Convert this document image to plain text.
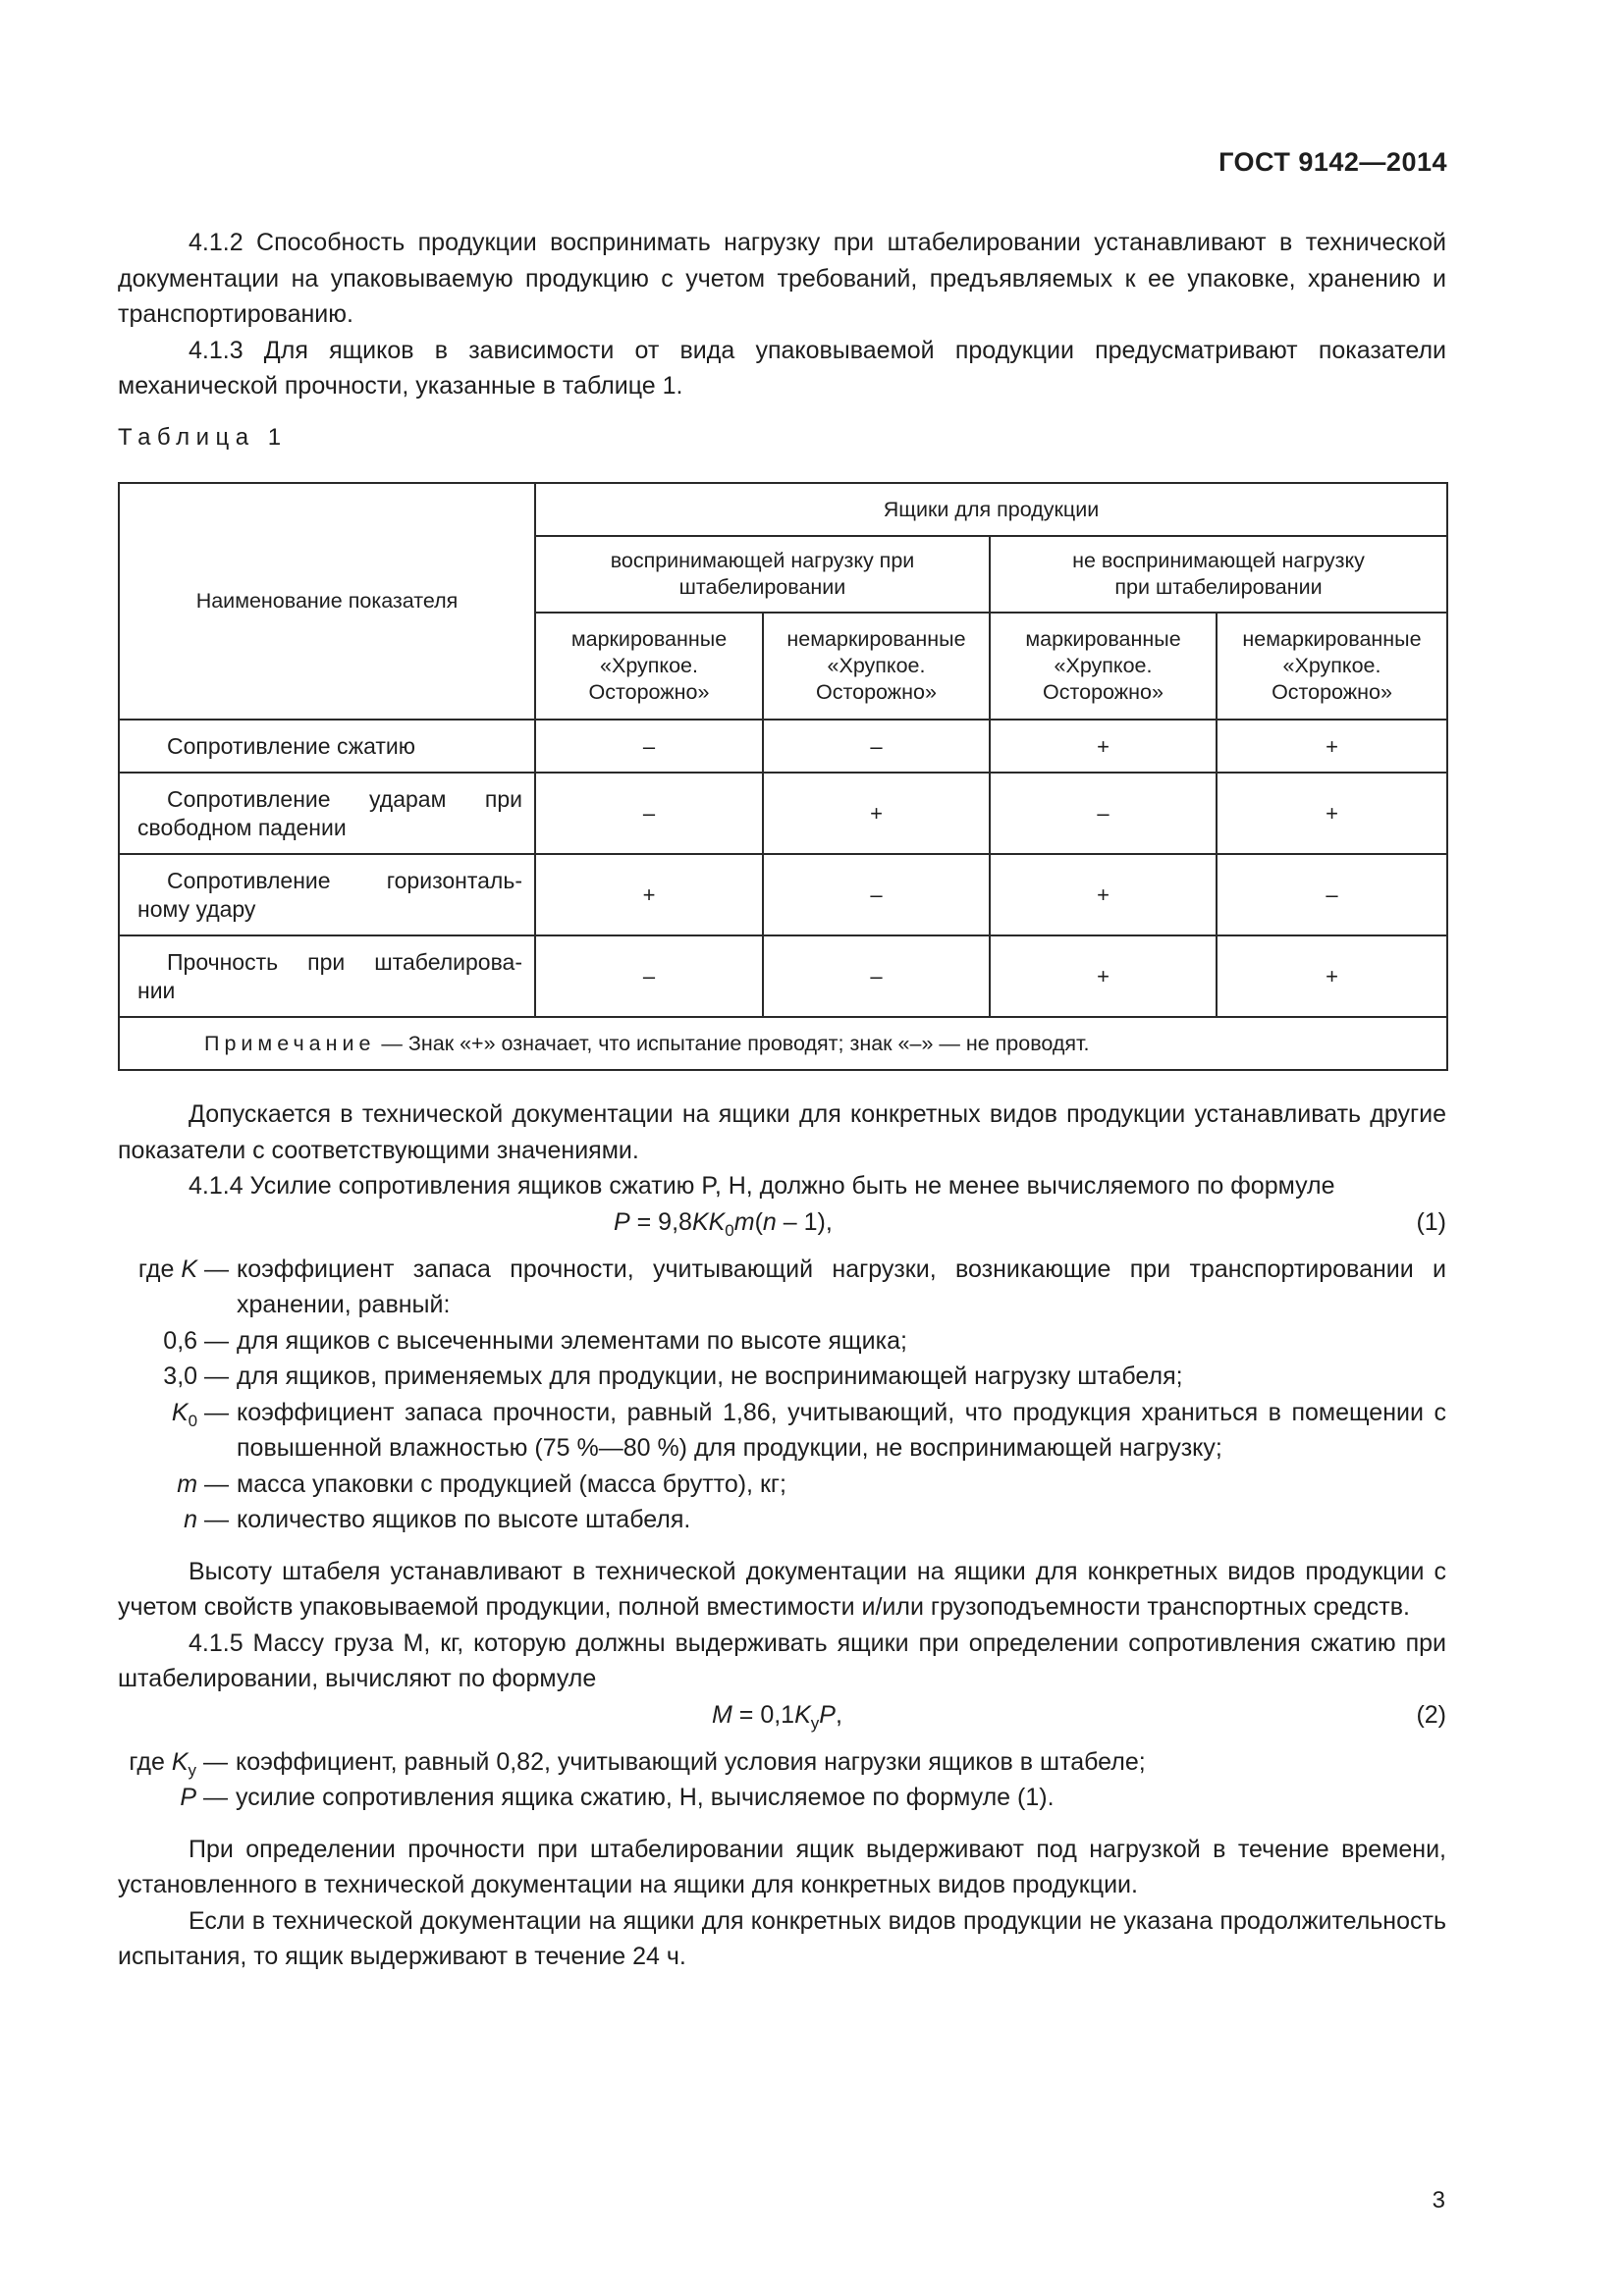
ГОСТ 9142—2014

4.1.2 Способность продукции воспринимать нагрузку при штабелировании устанавливают в технической документации на упаковываемую продукцию с учетом требований, предъявляемых к ее упаковке, хранению и транспортированию.

4.1.3 Для ящиков в зависимости от вида упаковываемой продукции предусматривают показатели механической прочности, указанные в таблице 1.

Таблица 1
Наименование показателя	Ящики для продукции			
	воспринимающей нагрузку при штабелировании		не воспринимающей нагрузку при штабелировании	
	маркированные «Хрупкое. Осторожно»	немаркированные «Хрупкое. Осторожно»	маркированные «Хрупкое. Осторожно»	немаркированные «Хрупкое. Осторожно»

Сопротивление сжатию	–	–	+	+

Сопротивление ударам при
свободном падении	–	+	–	+

Сопротивление горизонталь-
ному удару	+	–	+	–

Прочность при штабелирова-
нии	–	–	+	+
Примечание — Знак «+» означает, что испытание проводят; знак «–» — не проводят.				

Допускается в технической документации на ящики для конкретных видов продукции устанавливать другие показатели с соответствующими значениями.

4.1.4 Усилие сопротивления ящиков сжатию P, Н, должно быть не менее вычисляемого по формуле

$P = 9,8KK_0m(n - 1)$,	(1)
где K — коэффициент запаса прочности, учитывающий нагрузки, возникающие при транспортировании и хранении, равный:
0,6 — для ящиков с высеченными элементами по высоте ящика;
3,0 — для ящиков, применяемых для продукции, не воспринимающей нагрузку штабеля;
$K_0$ — коэффициент запаса прочности, равный 1,86, учитывающий, что продукция храниться в помещении с повышенной влажностью (75 %—80 %) для продукции, не воспринимающей нагрузку;
m — масса упаковки с продукцией (масса брутто), кг;
n — количество ящиков по высоте штабеля.

Высоту штабеля устанавливают в технической документации на ящики для конкретных видов продукции с учетом свойств упаковываемой продукции, полной вместимости и/или грузоподъемности транспортных средств.

4.1.5 Массу груза M, кг, которую должны выдерживать ящики при определении сопротивления сжатию при штабелировании, вычисляют по формуле

$M = 0,1K_уP$,	(2)
где $K_у$ — коэффициент, равный 0,82, учитывающий условия нагрузки ящиков в штабеле;
P — усилие сопротивления ящика сжатию, Н, вычисляемое по формуле (1).

При определении прочности при штабелировании ящик выдерживают под нагрузкой в течение времени, установленного в технической документации на ящики для конкретных видов продукции.

Если в технической документации на ящики для конкретных видов продукции не указана продолжительность испытания, то ящик выдерживают в течение 24 ч.

3
